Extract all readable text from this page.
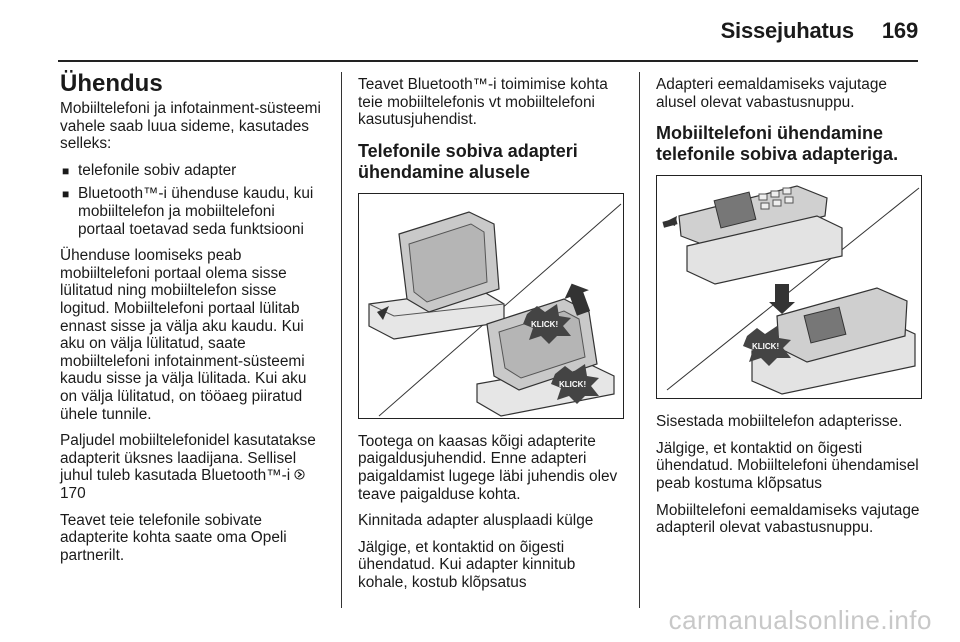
Sissejuhatus 169
Ühendus

Mobiiltelefoni ja infotainment-süsteemi vahele saab luua sideme, kasutades selleks:

■ telefonile sobiv adapter
■ Bluetooth™-i ühenduse kaudu, kui mobiiltelefon ja mobiiltelefoni portaal toetavad seda funktsiooni

Ühenduse loomiseks peab mobiiltelefoni portaal olema sisse lülitatud ning mobiiltelefon sisse logitud. Mobiiltelefoni portaal lülitab ennast sisse ja välja aku kaudu. Kui aku on välja lülitatud, saate mobiiltelefoni infotainment-süsteemi kaudu sisse ja välja lülitada. Kui aku on välja lülitatud, on tööaeg piiratud ühele tunnile.

Paljudel mobiiltelefonidel kasutatakse adapterit üksnes laadijana. Sellisel juhul tuleb kasutada Bluetooth™-i 170

Teavet teie telefonile sobivate adapterite kohta saate oma Opeli partnerilt.

Teavet Bluetooth™-i toimimise kohta teie mobiiltelefonis vt mobiiltelefoni kasutusjuhendist.

Telefonile sobiva adapteri ühendamine alusele
KLICK!
KLICK!

Tootega on kaasas kõigi adapterite paigaldusjuhendid. Enne adapteri paigaldamist lugege läbi juhendis olev teave paigalduse kohta.

Kinnitada adapter alusplaadi külge

Jälgige, et kontaktid on õigesti ühendatud. Kui adapter kinnitub kohale, kostub klõpsatus

Adapteri eemaldamiseks vajutage alusel olevat vabastusnuppu.

Mobiiltelefoni ühendamine telefonile sobiva adapteriga.
KLICK!

Sisestada mobiiltelefon adapterisse.

Jälgige, et kontaktid on õigesti ühendatud. Mobiiltelefoni ühendamisel peab kostuma klõpsatus

Mobiiltelefoni eemaldamiseks vajutage adapteril olevat vabastusnuppu.

carmanualsonline.info
